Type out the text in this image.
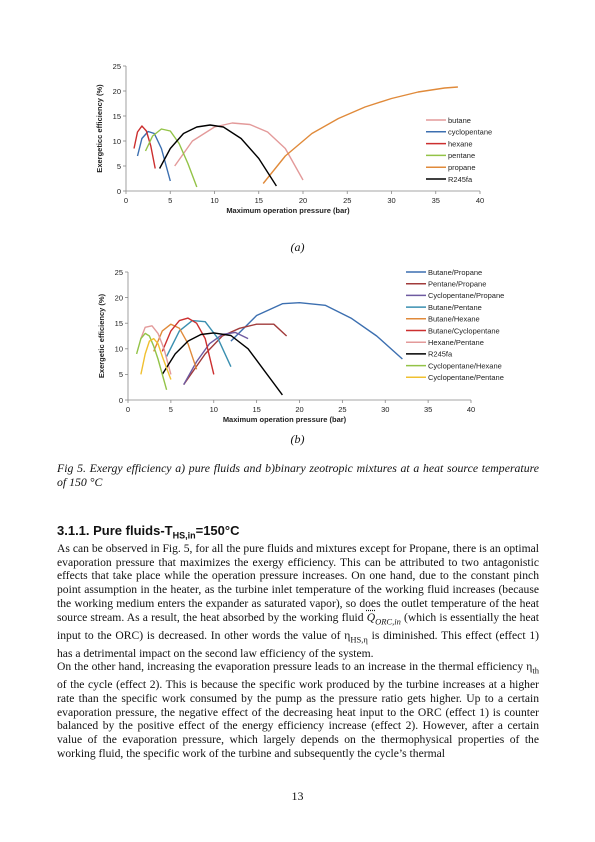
0
5
10
15
20
25
0	5	10	15	20	25	30	35	40
Maximum operation pressure (bar)
Exergeticc efficiency (%)	butane
cyclopentane
hexane
pentane
propane
R245fa
(a)
0
5
10
15
20
25
0	5	10	15	20	25	30	35	40
Maximum operation pressure (bar)
Exergetic efficiency (%)
Butane/Propane
Pentane/Propane
Cyclopentane/Propane
Butane/Pentane
Butane/Hexane
Butane/Cyclopentane
Hexane/Pentane
R245fa
Cyclopentane/Hexane
Cyclopentane/Pentane
(b)
Fig 5. Exergy efficiency a) pure fluids and b)binary zeotropic mixtures at a heat source temperature of 150 °C
3.1.1. Pure fluids-$T_{HS,in}=150^\circ C$

As can be observed in Fig. 5, for all the pure fluids and mixtures except for Propane, there is an optimal evaporation pressure that maximizes the exergy efficiency. This can be attributed to two antagonistic effects that take place while the operation pressure increases. On one hand, due to the constant pinch point assumption in the heater, as the turbine inlet temperature of the working fluid increases (because the working medium enters the expander as saturated vapor), so does the outlet temperature of the heat source stream. As a result, the heat absorbed by the working fluid $Q_{ORC,in}$ (which is essentially the heat input to the ORC) is decreased. In other words the value of $\eta_{HS,\eta}$ is diminished. This effect (effect 1) has a detrimental impact on the second law efficiency of the system.

On the other hand, increasing the evaporation pressure leads to an increase in the thermal efficiency $\eta_{th}$ of the cycle (effect 2). This is because the specific work produced by the turbine increases at a higher rate than the specific work consumed by the pump as the pressure ratio gets higher. Up to a certain evaporation pressure, the negative effect of the decreasing heat input to the ORC (effect 1) is counter balanced by the positive effect of the energy efficiency increase (effect 2). However, after a certain value of the evaporation pressure, which largely depends on the thermophysical properties of the working fluid, the specific work of the turbine and subsequently the cycle’s thermal

13
